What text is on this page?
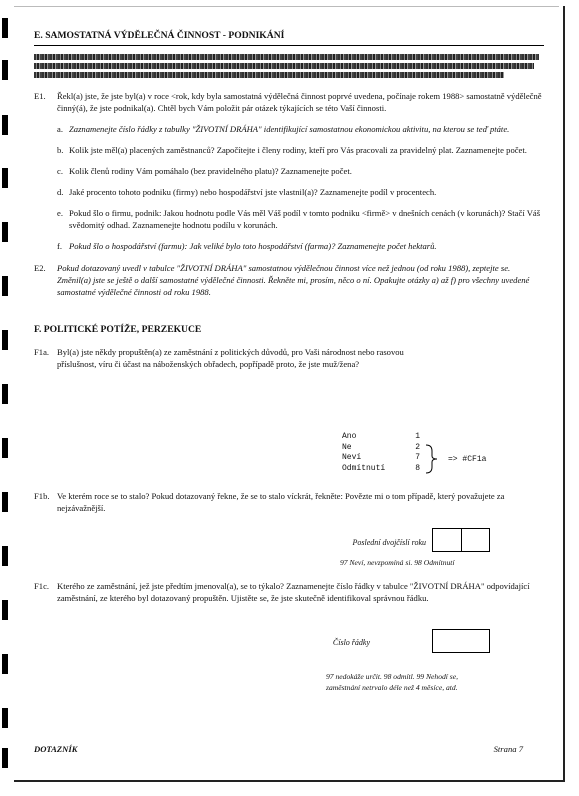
E. SAMOSTATNÁ VÝDĚLEČNÁ ČINNOST - PODNIKÁNÍ
E1.	Řekl(a) jste, že jste byl(a) v roce <rok, kdy byla samostatná výdělečná činnost poprvé uvedena, počínaje rokem 1988> samostatně výdělečně činný(á), že jste podnikal(a). Chtěl bych Vám položit pár otázek týkajících se této Vaší činnosti.
a. Zaznamenejte číslo řádky z tabulky "ŽIVOTNÍ DRÁHA" identifikující samostatnou ekonomickou aktivitu, na kterou se teď ptáte.
b. Kolik jste měl(a) placených zaměstnanců? Započítejte i členy rodiny, kteří pro Vás pracovali za pravidelný plat. Zaznamenejte počet.
c. Kolik členů rodiny Vám pomáhalo (bez pravidelného platu)? Zaznamenejte počet.
d. Jaké procento tohoto podniku (firmy) nebo hospodářství jste vlastnil(a)? Zaznamenejte podíl v procentech.
e. Pokud šlo o firmu, podnik: Jakou hodnotu podle Vás měl Váš podíl v tomto podniku <firmě> v dnešních cenách (v korunách)? Stačí Váš svědomitý odhad. Zaznamenejte hodnotu podílu v korunách.
f. Pokud šlo o hospodářství (farmu): Jak veliké bylo toto hospodářství (farma)? Zaznamenejte počet hektarů.
E2.	Pokud dotazovaný uvedl v tabulce "ŽIVOTNÍ DRÁHA" samostatnou výdělečnou činnost více než jednou (od roku 1988), zeptejte se. Změnil(a) jste se ještě o další samostatné výdělečné činnosti. Řekněte mi, prosím, něco o ní. Opakujte otázky a) až f) pro všechny uvedené samostatné výdělečné činnosti od roku 1988.
F. POLITICKÉ POTÍŽE, PERZEKUCE
F1a. Byl(a) jste někdy propuštěn(a) ze zaměstnání z politických důvodů, pro Vaši národnost nebo rasovou příslušnost, víru či účast na náboženských obřadech, popřípadě proto, že jste muž/žena?
Ano	1
Ne	2
Neví	7
Odmítnutí	8
=> #CF1a
F1b. Ve kterém roce se to stalo? Pokud dotazovaný řekne, že se to stalo víckrát, řekněte: Povězte mi o tom případě, který považujete za nejzávažnější.
Poslední dvojčíslí roku
97 Neví, nevzpomíná si. 98 Odmítnutí
F1c. Kterého ze zaměstnání, jež jste předtím jmenoval(a), se to týkalo? Zaznamenejte číslo řádky v tabulce "ŽIVOTNÍ DRÁHA" odpovídající zaměstnání, ze kterého byl dotazovaný propuštěn. Ujistěte se, že jste skutečně identifikoval správnou řádku.
Číslo řádky
97 nedokáže určit. 98 odmítl. 99 Nehodí se,
zaměstnání netrvalo déle než 4 měsíce, atd.
DOTAZNÍK	Strana 7
